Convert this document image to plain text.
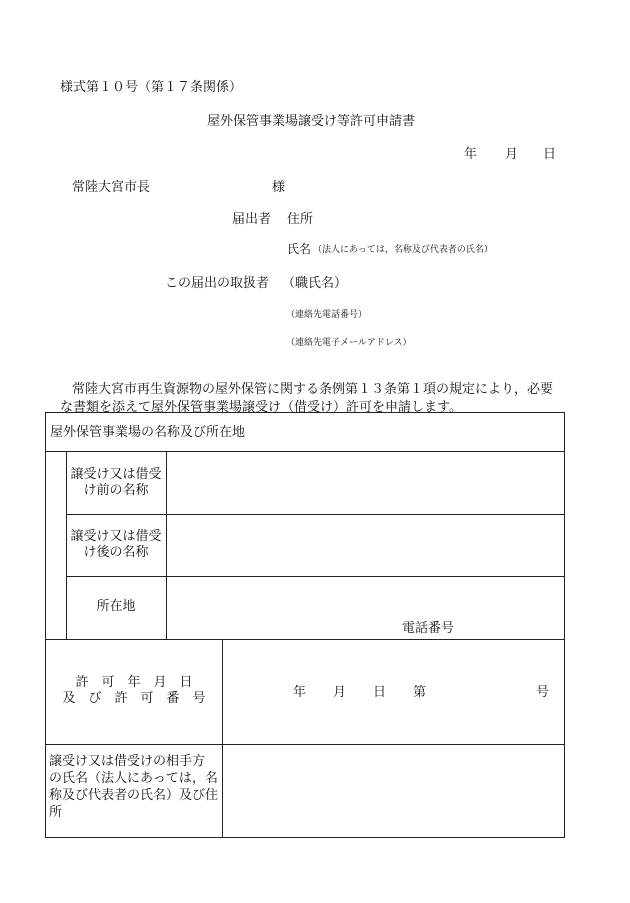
様式第１０号（第１７条関係）
屋外保管事業場譲受け等許可申請書
年 月 日
常陸大宮市長	様
届出者 住所
氏名 （法人にあっては，名称及び代表者の氏名）
この届出の取扱者 （職氏名）
（連絡先電話番号）
（連絡先電子メールアドレス）
常陸大宮市再生資源物の屋外保管に関する条例第１３条第１項の規定により，必要
な書類を添えて屋外保管事業場譲受け（借受け）許可を申請します。
屋外保管事業場の名称及び所在地
譲受け又は借受
け前の名称
譲受け又は借受
け後の名称
所在地
電話番号
許　可　年　月　日
及　び　許　可　番　号	年 月 日 第	号
譲受け又は借受けの相手方
の氏名（法人にあっては，名
称及び代表者の氏名）及び住
所
